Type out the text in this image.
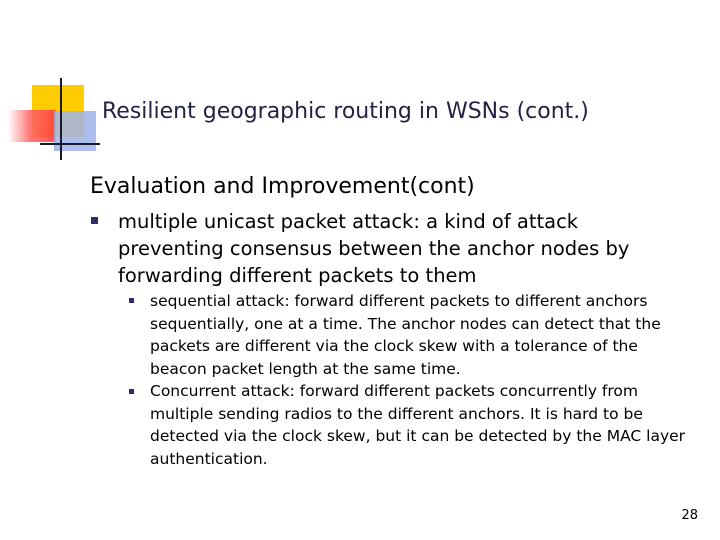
Resilient geographic routing in WSNs (cont.)
Evaluation and Improvement(cont)
multiple unicast packet attack: a kind of attack preventing consensus between the anchor nodes by forwarding different packets to them
sequential attack: forward different packets to different anchors sequentially, one at a time. The anchor nodes can detect that the packets are different via the clock skew with a tolerance of the beacon packet length at the same time.
Concurrent attack: forward different packets concurrently from multiple sending radios to the different anchors. It is hard to be detected via the clock skew, but it can be detected by the MAC layer authentication.
28
